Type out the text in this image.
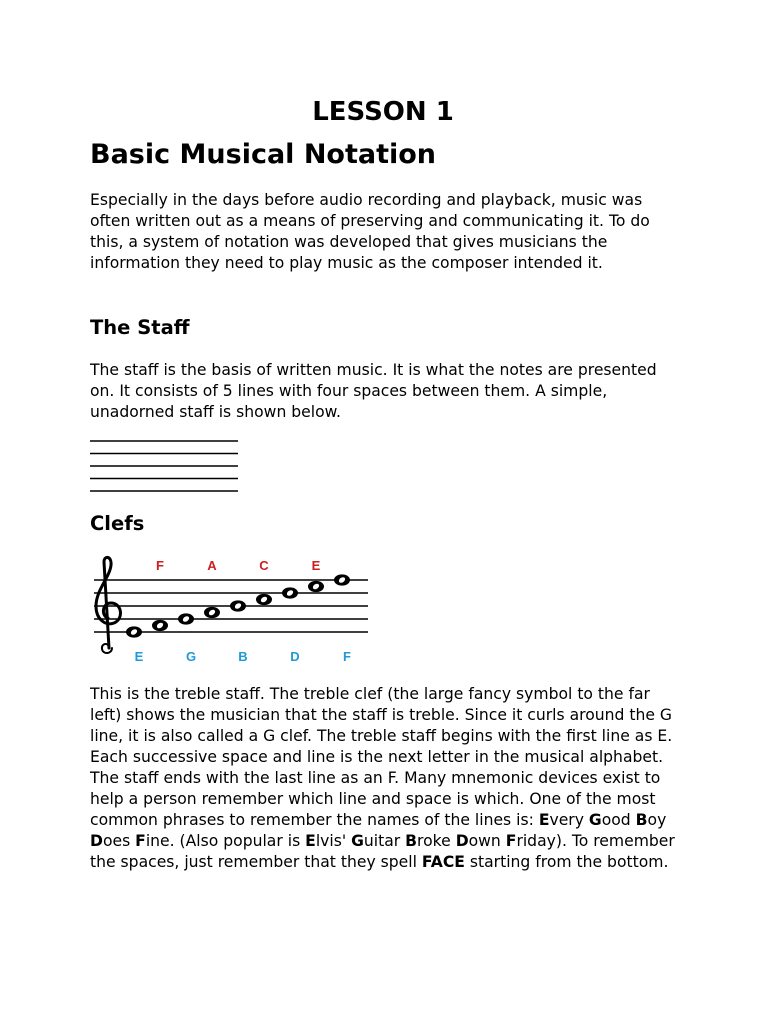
LESSON 1
Basic Musical Notation

Especially in the days before audio recording and playback, music was often written out as a means of preserving and communicating it. To do this, a system of notation was developed that gives musicians the information they need to play music as the composer intended it.

The Staff

The staff is the basis of written music. It is what the notes are presented on. It consists of 5 lines with four spaces between them. A simple, unadorned staff is shown below.

Clefs
F	A	C	E
E	G	B	D	F

This is the treble staff. The treble clef (the large fancy symbol to the far left) shows the musician that the staff is treble. Since it curls around the G line, it is also called a G clef. The treble staff begins with the first line as E. Each successive space and line is the next letter in the musical alphabet. The staff ends with the last line as an F. Many mnemonic devices exist to help a person remember which line and space is which. One of the most common phrases to remember the names of the lines is: Every Good Boy Does Fine. (Also popular is Elvis' Guitar Broke Down Friday). To remember the spaces, just remember that they spell FACE starting from the bottom.
